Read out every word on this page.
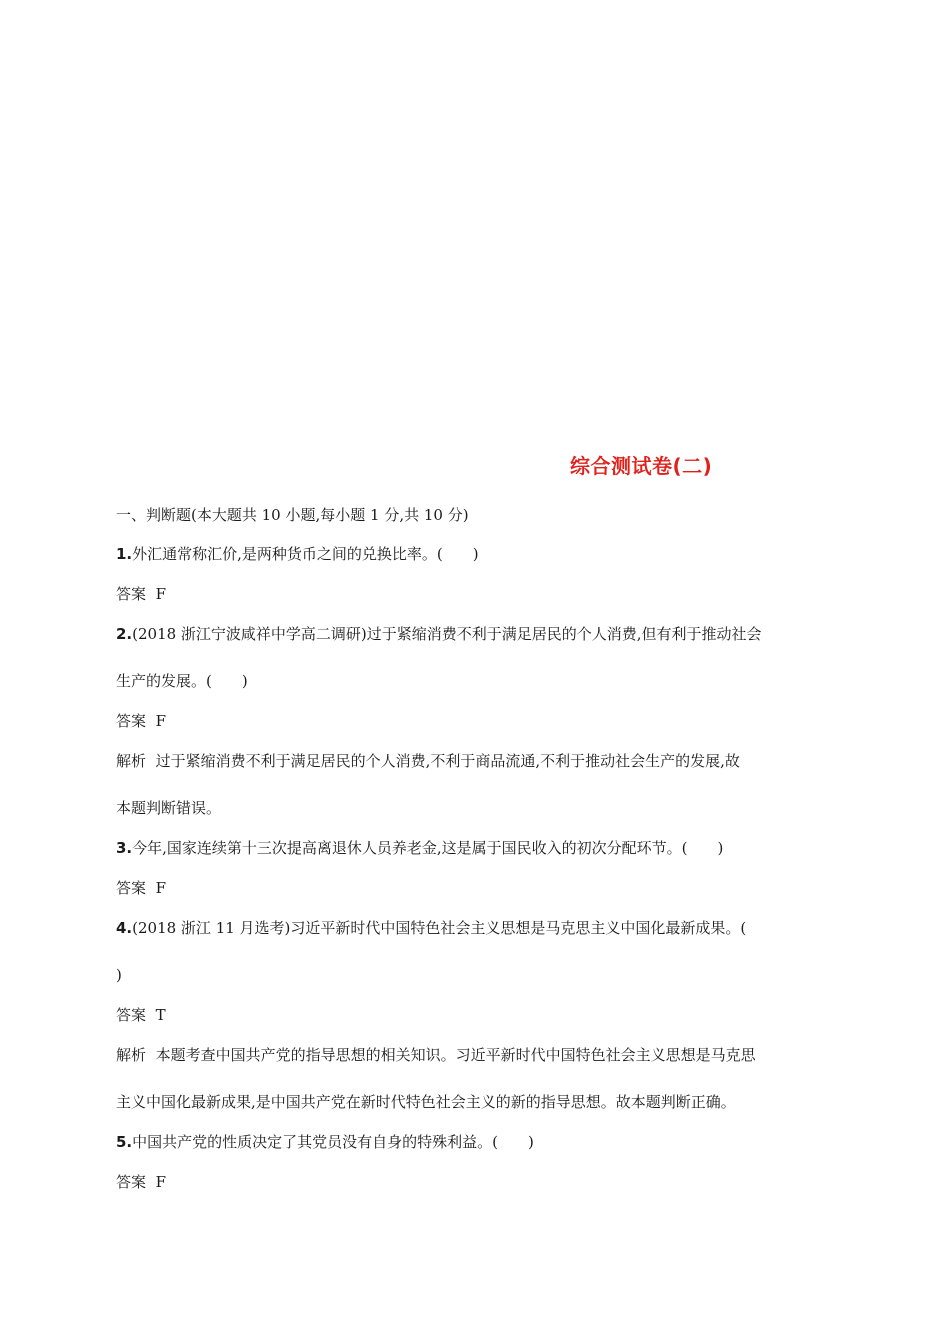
综合测试卷(二)
一、判断题(本大题共 10 小题,每小题 1 分,共 10 分)
1.外汇通常称汇价,是两种货币之间的兑换比率。(　　)
答案 F
2.(2018 浙江宁波咸祥中学高二调研)过于紧缩消费不利于满足居民的个人消费,但有利于推动社会
生产的发展。(　　)
答案 F
解析 过于紧缩消费不利于满足居民的个人消费,不利于商品流通,不利于推动社会生产的发展,故
本题判断错误。
3.今年,国家连续第十三次提高离退休人员养老金,这是属于国民收入的初次分配环节。(　　)
答案 F
4.(2018 浙江 11 月选考)习近平新时代中国特色社会主义思想是马克思主义中国化最新成果。(
)
答案 T
解析 本题考查中国共产党的指导思想的相关知识。习近平新时代中国特色社会主义思想是马克思
主义中国化最新成果,是中国共产党在新时代特色社会主义的新的指导思想。故本题判断正确。
5.中国共产党的性质决定了其党员没有自身的特殊利益。(　　)
答案 F
